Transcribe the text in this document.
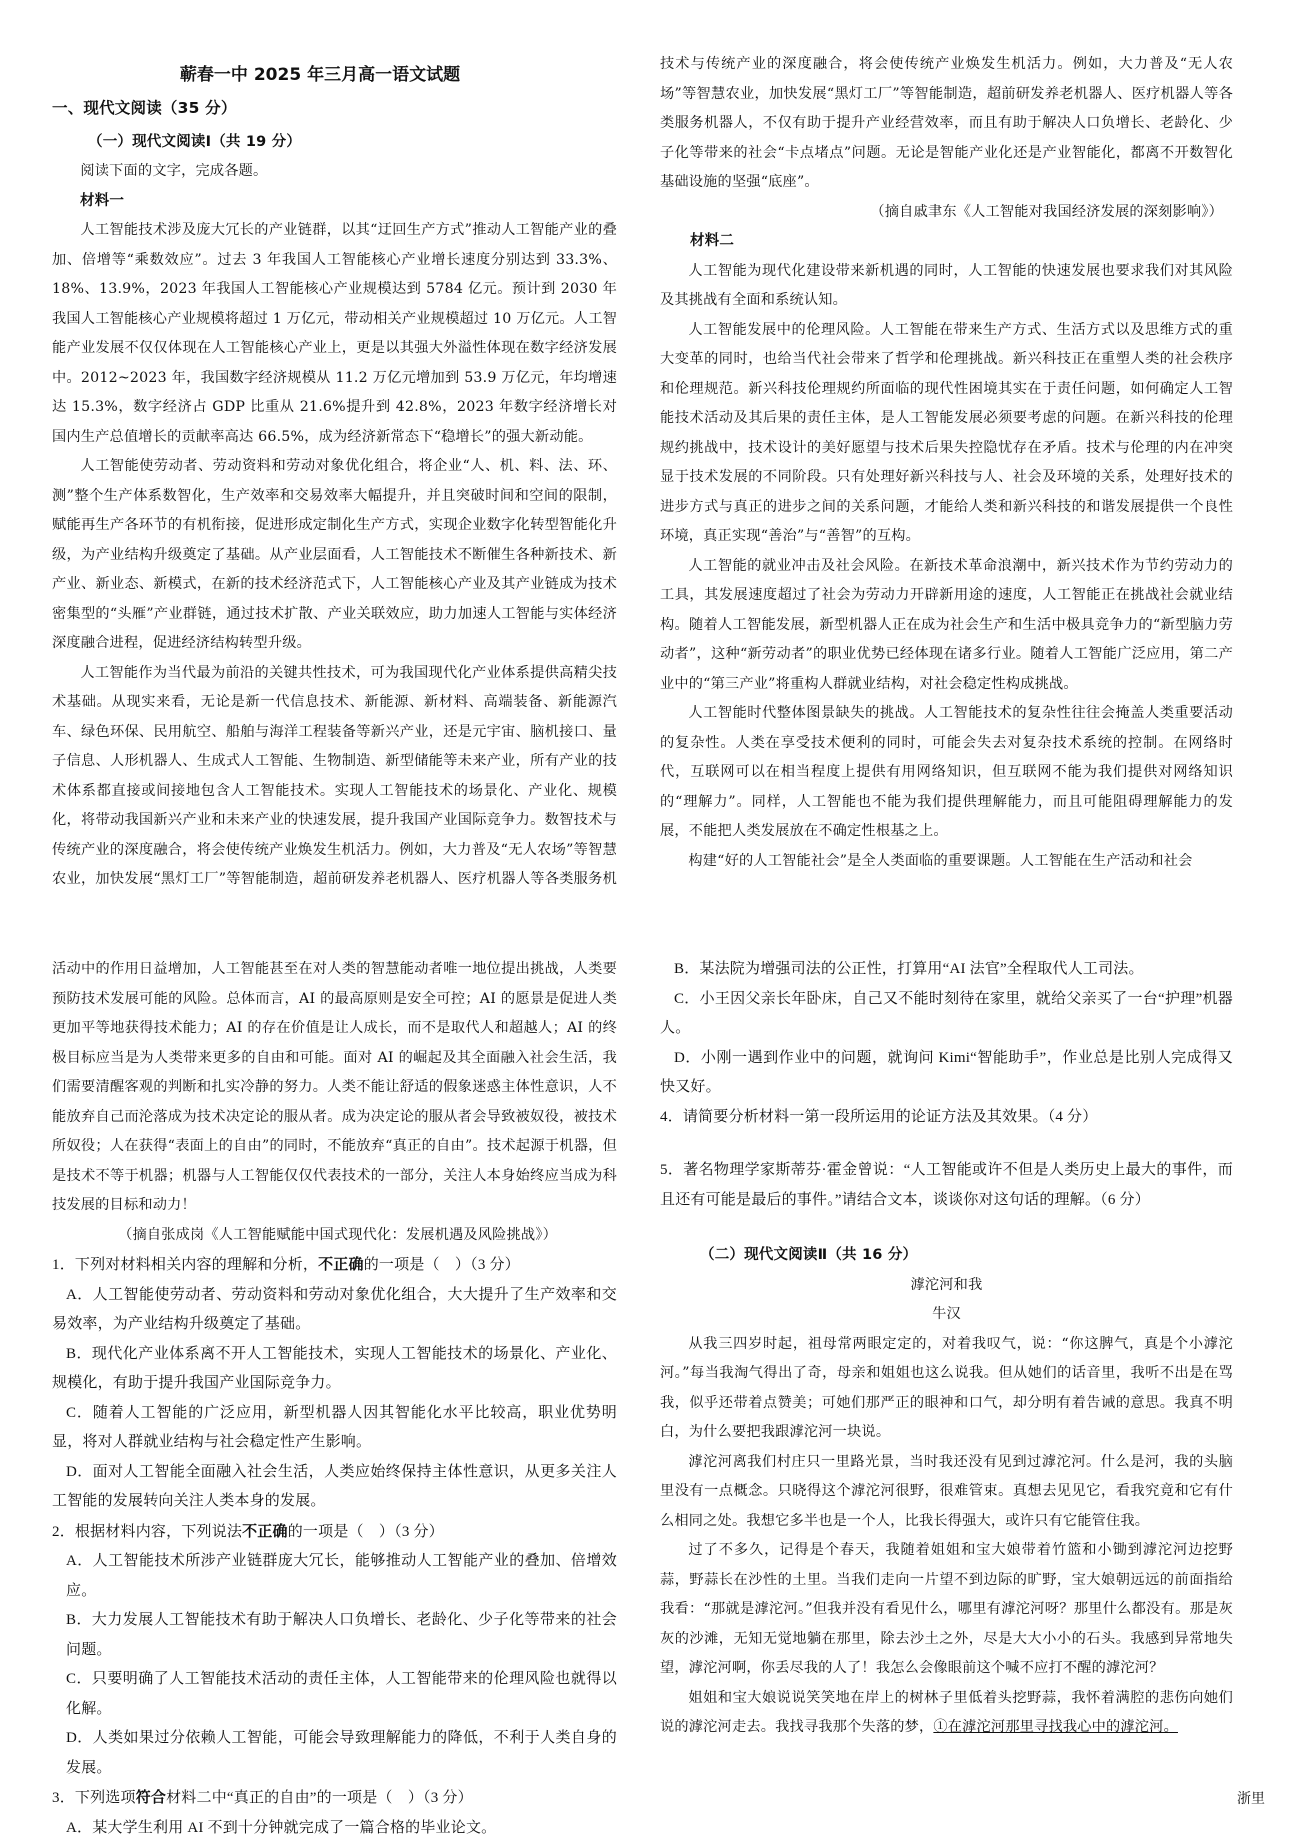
蕲春一中 2025 年三月高一语文试题

一、现代文阅读（35 分）

（一）现代文阅读Ⅰ（共 19 分）

阅读下面的文字，完成各题。

材料一

人工智能技术涉及庞大冗长的产业链群，以其“迂回生产方式”推动人工智能产业的叠加、倍增等“乘数效应”。过去 3 年我国人工智能核心产业增长速度分别达到 33.3%、18%、13.9%，2023 年我国人工智能核心产业规模达到 5784 亿元。预计到 2030 年我国人工智能核心产业规模将超过 1 万亿元，带动相关产业规模超过 10 万亿元。人工智能产业发展不仅仅体现在人工智能核心产业上，更是以其强大外溢性体现在数字经济发展中。2012~2023 年，我国数字经济规模从 11.2 万亿元增加到 53.9 万亿元，年均增速达 15.3%，数字经济占 GDP 比重从 21.6%提升到 42.8%，2023 年数字经济增长对国内生产总值增长的贡献率高达 66.5%，成为经济新常态下“稳增长”的强大新动能。

人工智能使劳动者、劳动资料和劳动对象优化组合，将企业“人、机、料、法、环、测”整个生产体系数智化，生产效率和交易效率大幅提升，并且突破时间和空间的限制，赋能再生产各环节的有机衔接，促进形成定制化生产方式，实现企业数字化转型智能化升级，为产业结构升级奠定了基础。从产业层面看，人工智能技术不断催生各种新技术、新产业、新业态、新模式，在新的技术经济范式下，人工智能核心产业及其产业链成为技术密集型的“头雁”产业群链，通过技术扩散、产业关联效应，助力加速人工智能与实体经济深度融合进程，促进经济结构转型升级。

人工智能作为当代最为前沿的关键共性技术，可为我国现代化产业体系提供高精尖技术基础。从现实来看，无论是新一代信息技术、新能源、新材料、高端装备、新能源汽车、绿色环保、民用航空、船舶与海洋工程装备等新兴产业，还是元宇宙、脑机接口、量子信息、人形机器人、生成式人工智能、生物制造、新型储能等未来产业，所有产业的技术体系都直接或间接地包含人工智能技术。实现人工智能技术的场景化、产业化、规模化，将带动我国新兴产业和未来产业的快速发展，提升我国产业国际竞争力。数智技术与传统产业的深度融合，将会使传统产业焕发生机活力。例如，大力普及“无人农场”等智慧农业，加快发展“黑灯工厂”等智能制造，超前研发养老机器人、医疗机器人等各类服务机

技术与传统产业的深度融合，将会使传统产业焕发生机活力。例如，大力普及“无人农场”等智慧农业，加快发展“黑灯工厂”等智能制造，超前研发养老机器人、医疗机器人等各类服务机器人，不仅有助于提升产业经营效率，而且有助于解决人口负增长、老龄化、少子化等带来的社会“卡点堵点”问题。无论是智能产业化还是产业智能化，都离不开数智化基础设施的坚强“底座”。

（摘自戚聿东《人工智能对我国经济发展的深刻影响》）

材料二

人工智能为现代化建设带来新机遇的同时，人工智能的快速发展也要求我们对其风险及其挑战有全面和系统认知。

人工智能发展中的伦理风险。人工智能在带来生产方式、生活方式以及思维方式的重大变革的同时，也给当代社会带来了哲学和伦理挑战。新兴科技正在重塑人类的社会秩序和伦理规范。新兴科技伦理规约所面临的现代性困境其实在于责任问题，如何确定人工智能技术活动及其后果的责任主体，是人工智能发展必须要考虑的问题。在新兴科技的伦理规约挑战中，技术设计的美好愿望与技术后果失控隐忧存在矛盾。技术与伦理的内在冲突显于技术发展的不同阶段。只有处理好新兴科技与人、社会及环境的关系，处理好技术的进步方式与真正的进步之间的关系问题，才能给人类和新兴科技的和谐发展提供一个良性环境，真正实现“善治”与“善智”的互构。

人工智能的就业冲击及社会风险。在新技术革命浪潮中，新兴技术作为节约劳动力的工具，其发展速度超过了社会为劳动力开辟新用途的速度，人工智能正在挑战社会就业结构。随着人工智能发展，新型机器人正在成为社会生产和生活中极具竞争力的“新型脑力劳动者”，这种“新劳动者”的职业优势已经体现在诸多行业。随着人工智能广泛应用，第二产业中的“第三产业”将重构人群就业结构，对社会稳定性构成挑战。

人工智能时代整体图景缺失的挑战。人工智能技术的复杂性往往会掩盖人类重要活动的复杂性。人类在享受技术便利的同时，可能会失去对复杂技术系统的控制。在网络时代，互联网可以在相当程度上提供有用网络知识，但互联网不能为我们提供对网络知识的“理解力”。同样，人工智能也不能为我们提供理解能力，而且可能阻碍理解能力的发展，不能把人类发展放在不确定性根基之上。

构建“好的人工智能社会”是全人类面临的重要课题。人工智能在生产活动和社会

活动中的作用日益增加，人工智能甚至在对人类的智慧能动者唯一地位提出挑战，人类要预防技术发展可能的风险。总体而言，AI 的最高原则是安全可控；AI 的愿景是促进人类更加平等地获得技术能力；AI 的存在价值是让人成长，而不是取代人和超越人；AI 的终极目标应当是为人类带来更多的自由和可能。面对 AI 的崛起及其全面融入社会生活，我们需要清醒客观的判断和扎实冷静的努力。人类不能让舒适的假象迷惑主体性意识，人不能放弃自己而沦落成为技术决定论的服从者。成为决定论的服从者会导致被奴役，被技术所奴役；人在获得“表面上的自由”的同时，不能放弃“真正的自由”。技术起源于机器，但是技术不等于机器；机器与人工智能仅仅代表技术的一部分，关注人本身始终应当成为科技发展的目标和动力！

（摘自张成岗《人工智能赋能中国式现代化：发展机遇及风险挑战》）

1．下列对材料相关内容的理解和分析，不正确的一项是（　）（3 分）

A．人工智能使劳动者、劳动资料和劳动对象优化组合，大大提升了生产效率和交易效率，为产业结构升级奠定了基础。

B．现代化产业体系离不开人工智能技术，实现人工智能技术的场景化、产业化、规模化，有助于提升我国产业国际竞争力。

C．随着人工智能的广泛应用，新型机器人因其智能化水平比较高，职业优势明显，将对人群就业结构与社会稳定性产生影响。

D．面对人工智能全面融入社会生活，人类应始终保持主体性意识，从更多关注人工智能的发展转向关注人类本身的发展。

2．根据材料内容，下列说法不正确的一项是（　）（3 分）

A．人工智能技术所涉产业链群庞大冗长，能够推动人工智能产业的叠加、倍增效应。

B．大力发展人工智能技术有助于解决人口负增长、老龄化、少子化等带来的社会问题。

C．只要明确了人工智能技术活动的责任主体，人工智能带来的伦理风险也就得以化解。

D．人类如果过分依赖人工智能，可能会导致理解能力的降低，不利于人类自身的发展。

3．下列选项符合材料二中“真正的自由”的一项是（　）（3 分）

A．某大学生利用 AI 不到十分钟就完成了一篇合格的毕业论文。

B．某法院为增强司法的公正性，打算用“AI 法官”全程取代人工司法。

C．小王因父亲长年卧床，自己又不能时刻待在家里，就给父亲买了一台“护理”机器人。

D．小刚一遇到作业中的问题，就询问 Kimi“智能助手”，作业总是比别人完成得又快又好。

4．请简要分析材料一第一段所运用的论证方法及其效果。（4 分）

5．著名物理学家斯蒂芬·霍金曾说：“人工智能或许不但是人类历史上最大的事件，而且还有可能是最后的事件。”请结合文本，谈谈你对这句话的理解。（6 分）

（二）现代文阅读Ⅱ（共 16 分）

滹沱河和我

牛汉

从我三四岁时起，祖母常两眼定定的，对着我叹气，说：“你这脾气，真是个小滹沱河。”每当我淘气得出了奇，母亲和姐姐也这么说我。但从她们的话音里，我听不出是在骂我，似乎还带着点赞美；可她们那严正的眼神和口气，却分明有着告诫的意思。我真不明白，为什么要把我跟滹沱河一块说。

滹沱河离我们村庄只一里路光景，当时我还没有见到过滹沱河。什么是河，我的头脑里没有一点概念。只晓得这个滹沱河很野，很难管束。真想去见见它，看我究竟和它有什么相同之处。我想它多半也是一个人，比我长得强大，或许只有它能管住我。

过了不多久，记得是个春天，我随着姐姐和宝大娘带着竹篮和小锄到滹沱河边挖野蒜，野蒜长在沙性的土里。当我们走向一片望不到边际的旷野，宝大娘朝远远的前面指给我看：“那就是滹沱河。”但我并没有看见什么，哪里有滹沱河呀？那里什么都没有。那是灰灰的沙滩，无知无觉地躺在那里，除去沙土之外，尽是大大小小的石头。我感到异常地失望，滹沱河啊，你丢尽我的人了！我怎么会像眼前这个喊不应打不醒的滹沱河？

姐姐和宝大娘说说笑笑地在岸上的树林子里低着头挖野蒜，我怀着满腔的悲伤向她们说的滹沱河走去。我找寻我那个失落的梦，①在滹沱河那里寻找我心中的滹沱河。

浙里
